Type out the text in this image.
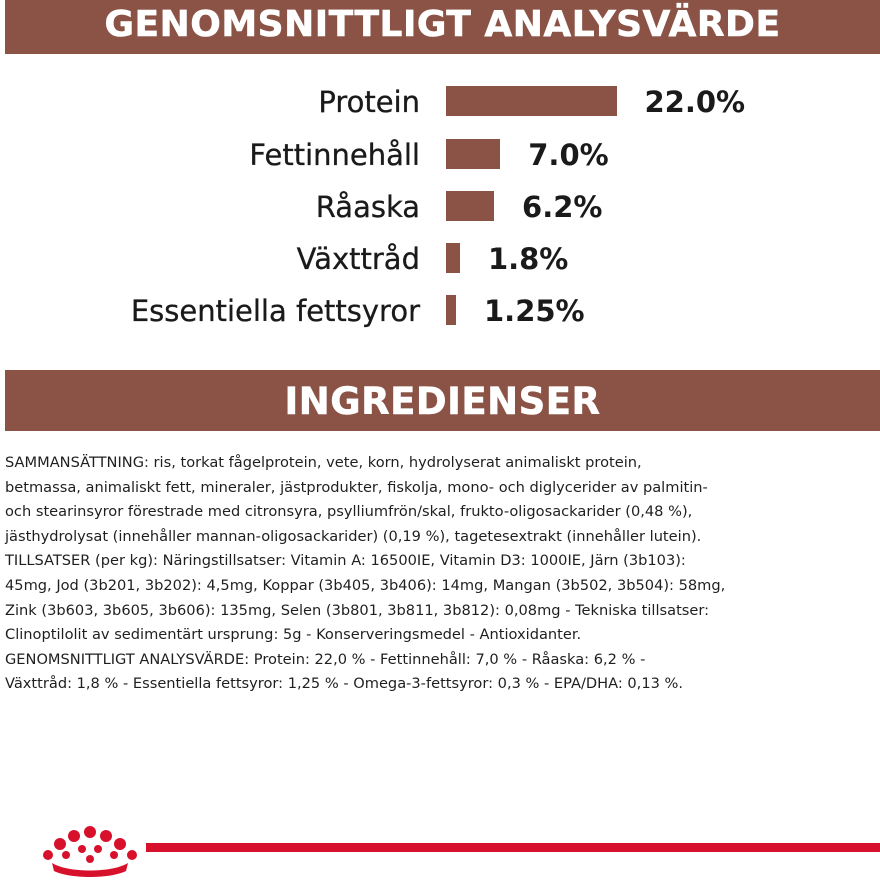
GENOMSNITTLIGT ANALYSVÄRDE
Protein	22.0%
Fettinnehåll	7.0%
Råaska	6.2%
Växttråd 1.8%
Essentiella fettsyror 1.25%
INGREDIENSER
SAMMANSÄTTNING: ris, torkat fågelprotein, vete, korn, hydrolyserat animaliskt protein,
betmassa, animaliskt fett, mineraler, jästprodukter, fiskolja, mono- och diglycerider av palmitin-
och stearinsyror förestrade med citronsyra, psylliumfrön/skal, frukto-oligosackarider (0,48 %),
jästhydrolysat (innehåller mannan-oligosackarider) (0,19 %), tagetesextrakt (innehåller lutein).
TILLSATSER (per kg): Näringstillsatser: Vitamin A: 16500IE, Vitamin D3: 1000IE, Järn (3b103):
45mg, Jod (3b201, 3b202): 4,5mg, Koppar (3b405, 3b406): 14mg, Mangan (3b502, 3b504): 58mg,
Zink (3b603, 3b605, 3b606): 135mg, Selen (3b801, 3b811, 3b812): 0,08mg - Tekniska tillsatser:
Clinoptilolit av sedimentärt ursprung: 5g - Konserveringsmedel - Antioxidanter.
GENOMSNITTLIGT ANALYSVÄRDE: Protein: 22,0 % - Fettinnehåll: 7,0 % - Råaska: 6,2 % -
Växttråd: 1,8 % - Essentiella fettsyror: 1,25 % - Omega-3-fettsyror: 0,3 % - EPA/DHA: 0,13 %.
